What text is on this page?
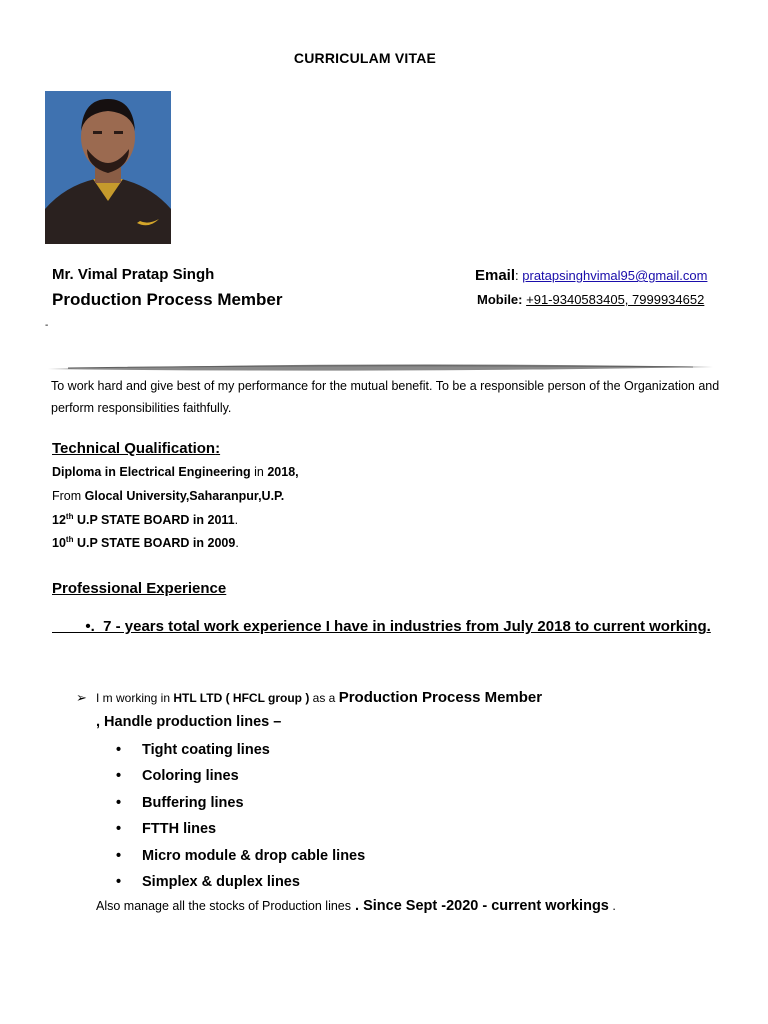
CURRICULAM VITAE
Mr. Vimal Pratap Singh
Production Process Member
Email: pratapsinghvimal95@gmail.com
Mobile: +91-9340583405, 7999934652
-
To work hard and give best of my performance for the mutual benefit. To be a responsible person of the Organization and perform responsibilities faithfully.
Technical Qualification:
Diploma in Electrical Engineering in 2018,
From Glocal University,Saharanpur,U.P.
12th U.P STATE BOARD in 2011.
10th U.P STATE BOARD in 2009.
Professional Experience
•.  7 - years total work experience I have in industries from July 2018 to current working.
➢ I m working in HTL LTD ( HFCL group ) as a Production Process Member
, Handle production lines –
• Tight coating lines
• Coloring lines
• Buffering lines
• FTTH lines
• Micro module & drop cable lines
• Simplex & duplex lines
Also manage all the stocks of Production lines . Since Sept -2020 - current workings .
